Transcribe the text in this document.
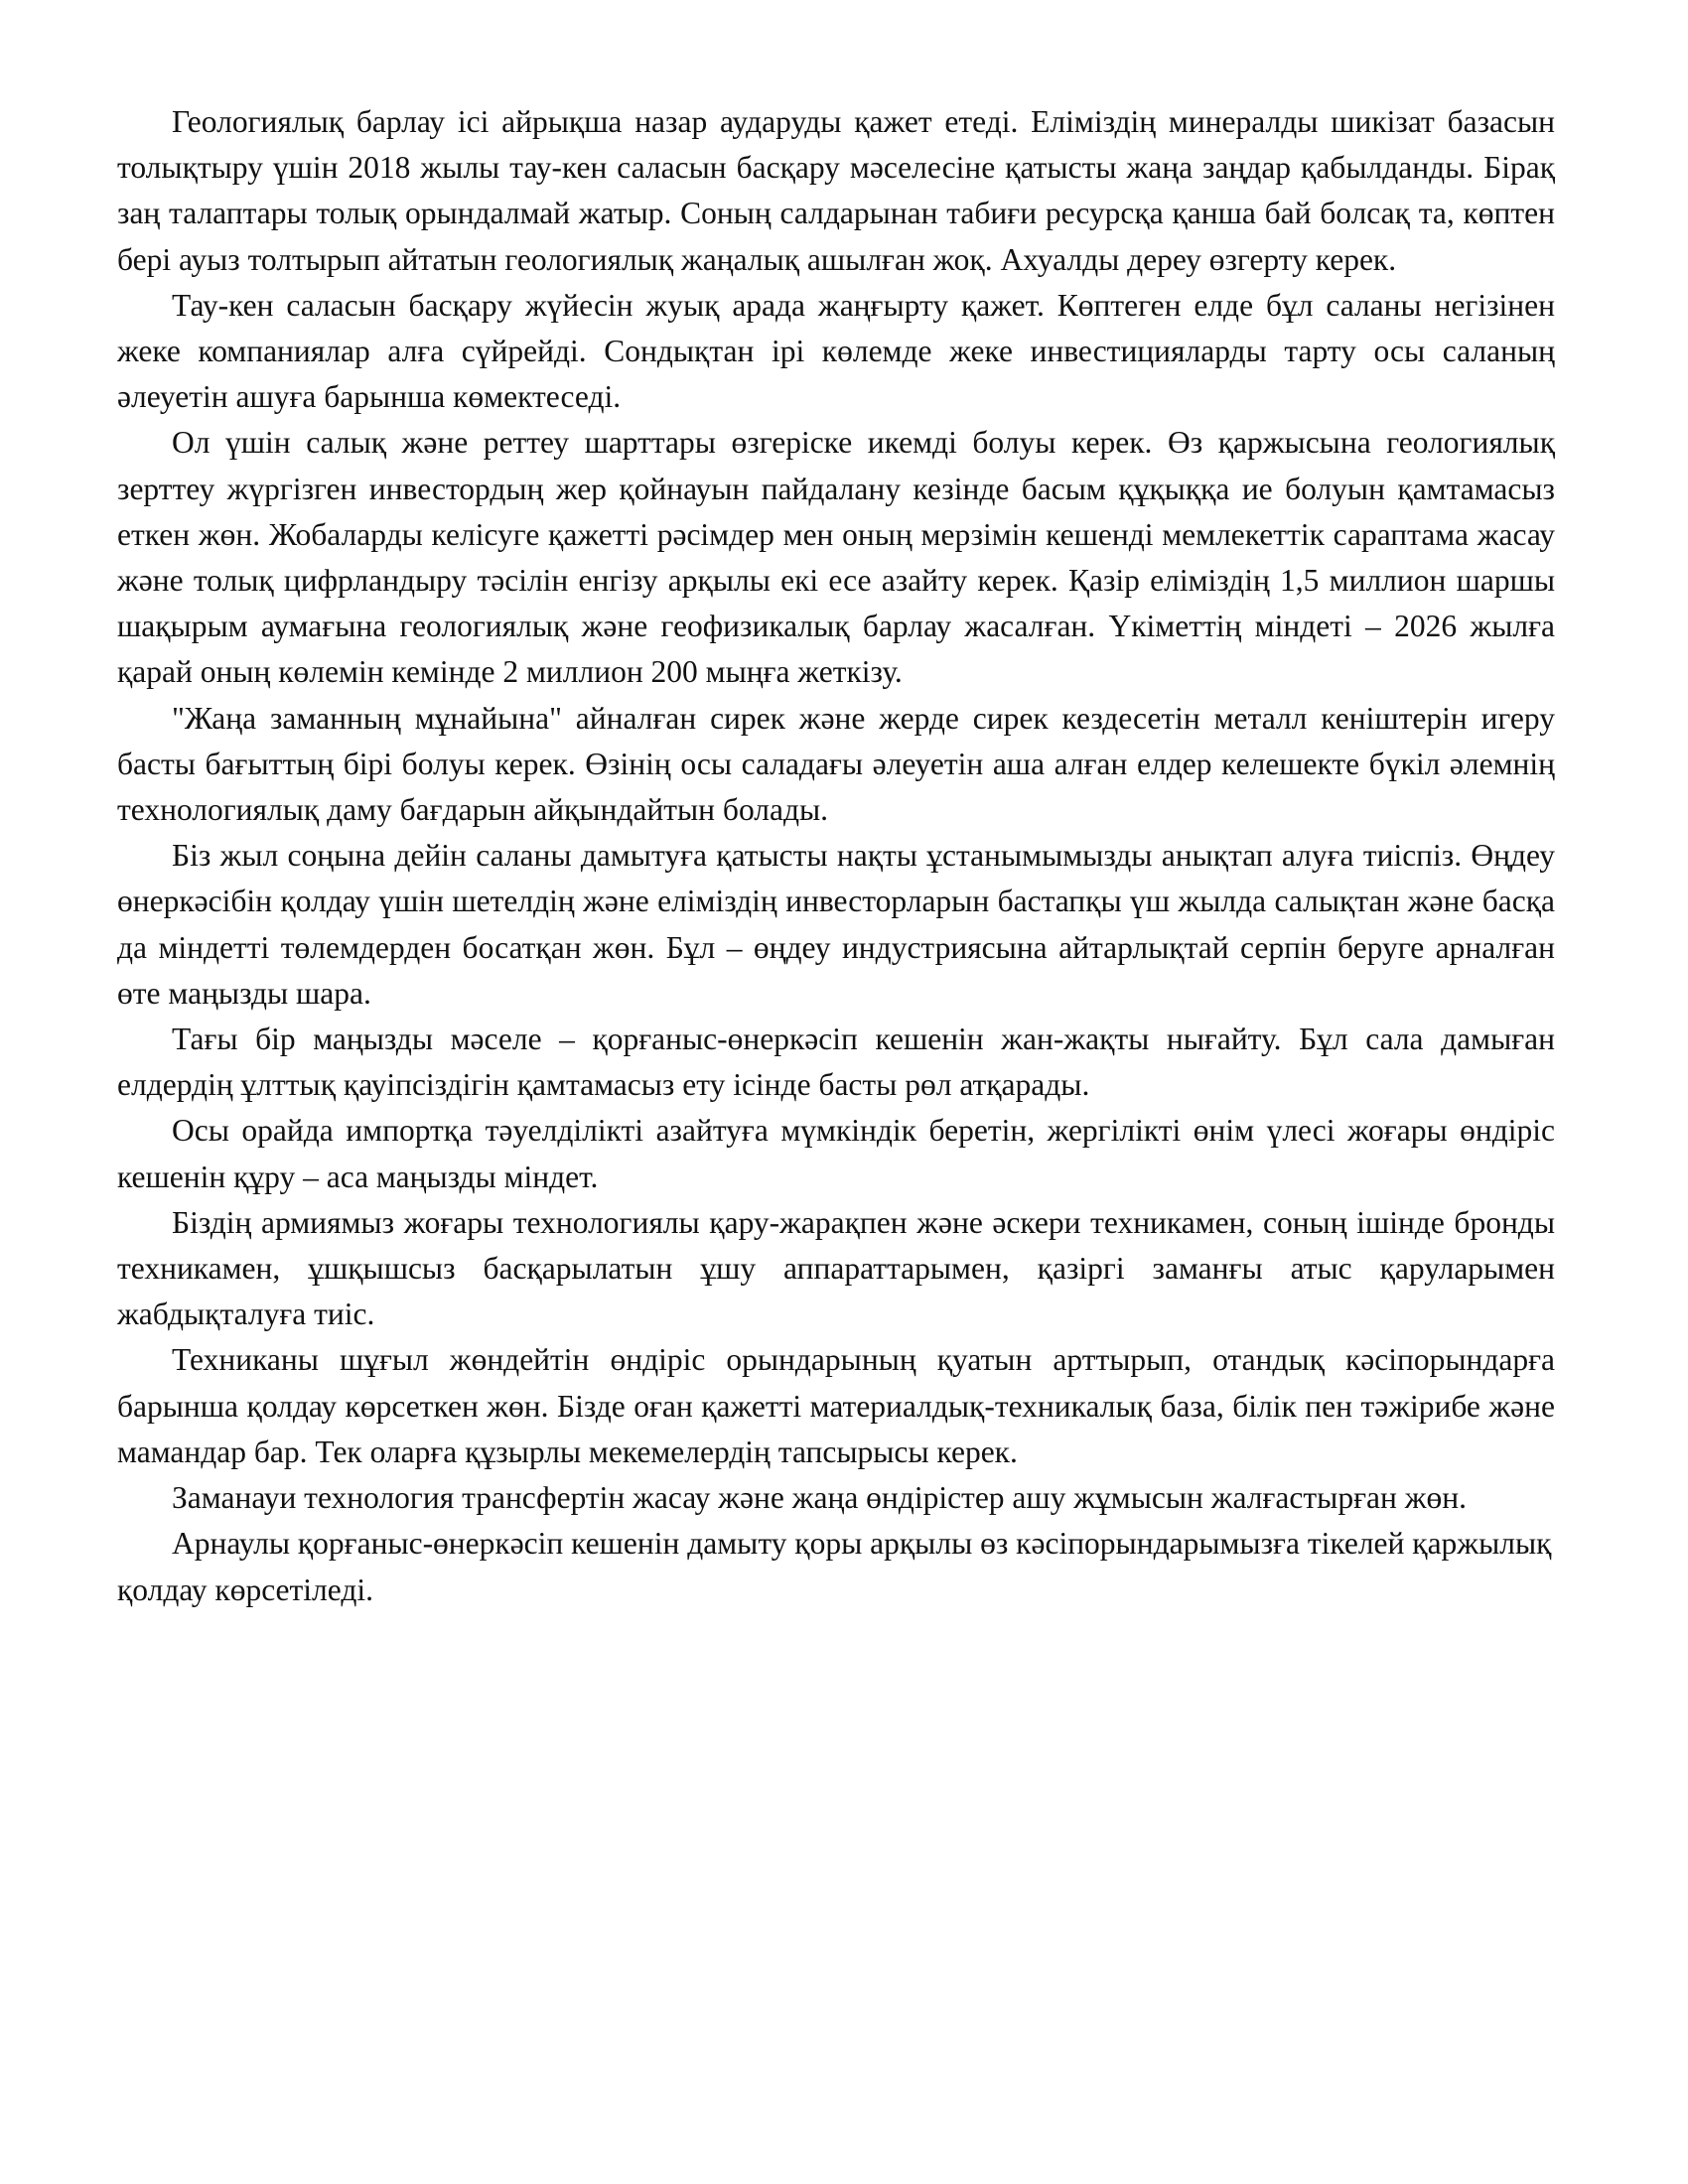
Геологиялық барлау ісі айрықша назар аударуды қажет етеді. Еліміздің минералды шикізат базасын толықтыру үшін 2018 жылы тау-кен саласын басқару мәселесіне қатысты жаңа заңдар қабылданды. Бірақ заң талаптары толық орындалмай жатыр. Соның салдарынан табиғи ресурсқа қанша бай болсақ та, көптен бері ауыз толтырып айтатын геологиялық жаңалық ашылған жоқ. Ахуалды дереу өзгерту керек.

Тау-кен саласын басқару жүйесін жуық арада жаңғырту қажет. Көптеген елде бұл саланы негізінен жеке компаниялар алға сүйрейді. Сондықтан ірі көлемде жеке инвестицияларды тарту осы саланың әлеуетін ашуға барынша көмектеседі.

Ол үшін салық және реттеу шарттары өзгеріске икемді болуы керек. Өз қаржысына геологиялық зерттеу жүргізген инвестордың жер қойнауын пайдалану кезінде басым құқыққа ие болуын қамтамасыз еткен жөн. Жобаларды келісуге қажетті рәсімдер мен оның мерзімін кешенді мемлекеттік сараптама жасау және толық цифрландыру тәсілін енгізу арқылы екі есе азайту керек. Қазір еліміздің 1,5 миллион шаршы шақырым аумағына геологиялық және геофизикалық барлау жасалған. Үкіметтің міндеті – 2026 жылға қарай оның көлемін кемінде 2 миллион 200 мыңға жеткізу.

"Жаңа заманның мұнайына" айналған сирек және жерде сирек кездесетін металл кеніштерін игеру басты бағыттың бірі болуы керек. Өзінің осы саладағы әлеуетін аша алған елдер келешекте бүкіл әлемнің технологиялық даму бағдарын айқындайтын болады.

Біз жыл соңына дейін саланы дамытуға қатысты нақты ұстанымымызды анықтап алуға тиіспіз. Өңдеу өнеркәсібін қолдау үшін шетелдің және еліміздің инвесторларын бастапқы үш жылда салықтан және басқа да міндетті төлемдерден босатқан жөн. Бұл – өңдеу индустриясына айтарлықтай серпін беруге арналған өте маңызды шара.

Тағы бір маңызды мәселе – қорғаныс-өнеркәсіп кешенін жан-жақты нығайту. Бұл сала дамыған елдердің ұлттық қауіпсіздігін қамтамасыз ету ісінде басты рөл атқарады.

Осы орайда импортқа тәуелділікті азайтуға мүмкіндік беретін, жергілікті өнім үлесі жоғары өндіріс кешенін құру – аса маңызды міндет.

Біздің армиямыз жоғары технологиялы қару-жарақпен және әскери техникамен, соның ішінде бронды техникамен, ұшқышсыз басқарылатын ұшу аппараттарымен, қазіргі заманғы атыс қаруларымен жабдықталуға тиіс.

Техниканы шұғыл жөндейтін өндіріс орындарының қуатын арттырып, отандық кәсіпорындарға барынша қолдау көрсеткен жөн. Бізде оған қажетті материалдық-техникалық база, білік пен тәжірибе және мамандар бар. Тек оларға құзырлы мекемелердің тапсырысы керек.

Заманауи технология трансфертін жасау және жаңа өндірістер ашу жұмысын жалғастырған жөн.

Арнаулы қорғаныс-өнеркәсіп кешенін дамыту қоры арқылы өз кәсіпорындарымызға тікелей қаржылық қолдау көрсетіледі.
